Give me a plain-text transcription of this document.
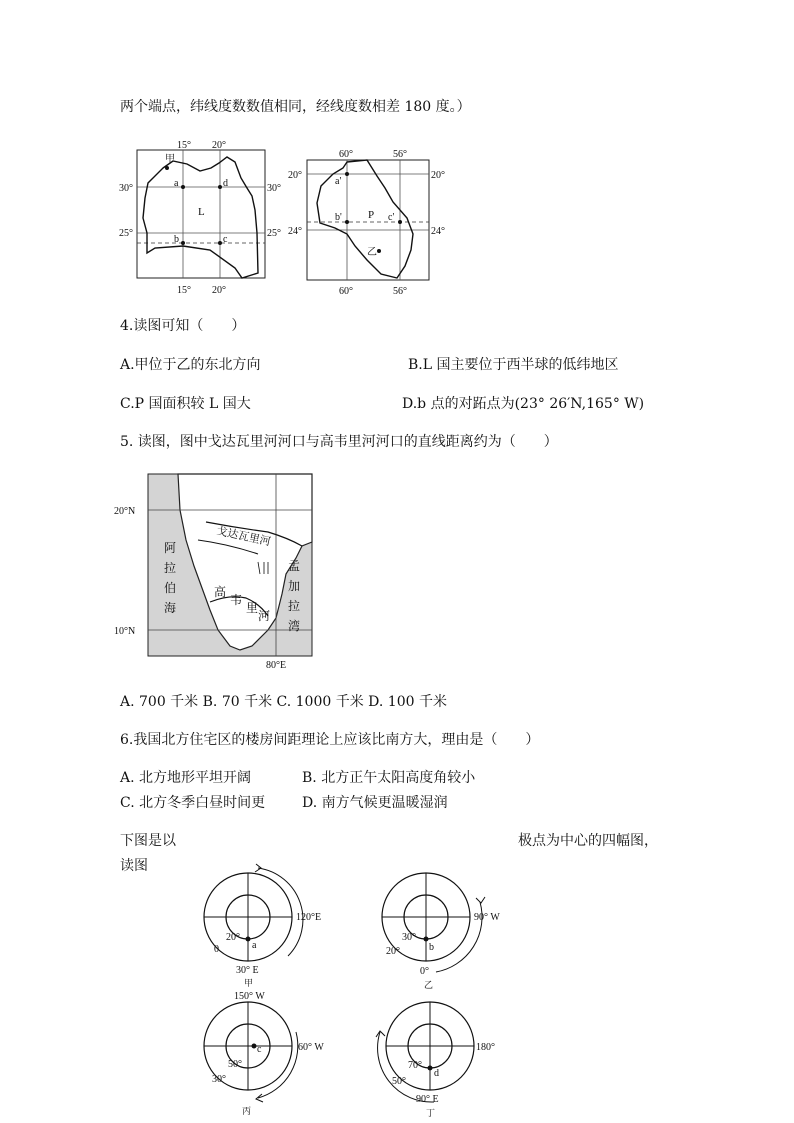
两个端点，纬线度数数值相同，经线度数相差 180 度。）
15° 20°
15° 20°
30°
25°
30°
25°
甲
a	d
L
b	c
60°	56°
60°	56°
20°
24°
20°
24°
a'
b' P c'
乙
4.读图可知（　　）
A.甲位于乙的东北方向	B.L 国主要位于西半球的低纬地区
C.P 国面积较 L 国大	D.b 点的对跖点为(23° 26′N,165° W)
5. 读图，图中戈达瓦里河河口与高韦里河河口的直线距离约为（　　）
20°N
10°N
80°E
阿
拉
伯
海
孟
加
拉
湾
戈达瓦里河
高
韦
里
河
A. 700 千米 B. 70 千米 C. 1000 千米 D. 100 千米
6.我国北方住宅区的楼房间距理论上应该比南方大，理由是（　　）
A. 北方地形平坦开阔	B. 北方正午太阳高度角较小
C. 北方冬季白昼时间更	D. 南方气候更温暖湿润
下图是以	极点为中心的四幅图，
读图
20°
a
0
120°E
30° E
甲
30°
b
20°
90° W
0°
乙
150° W
50°
c
30°
60° W
丙
70°
d
50°
180°
90° E
丁
